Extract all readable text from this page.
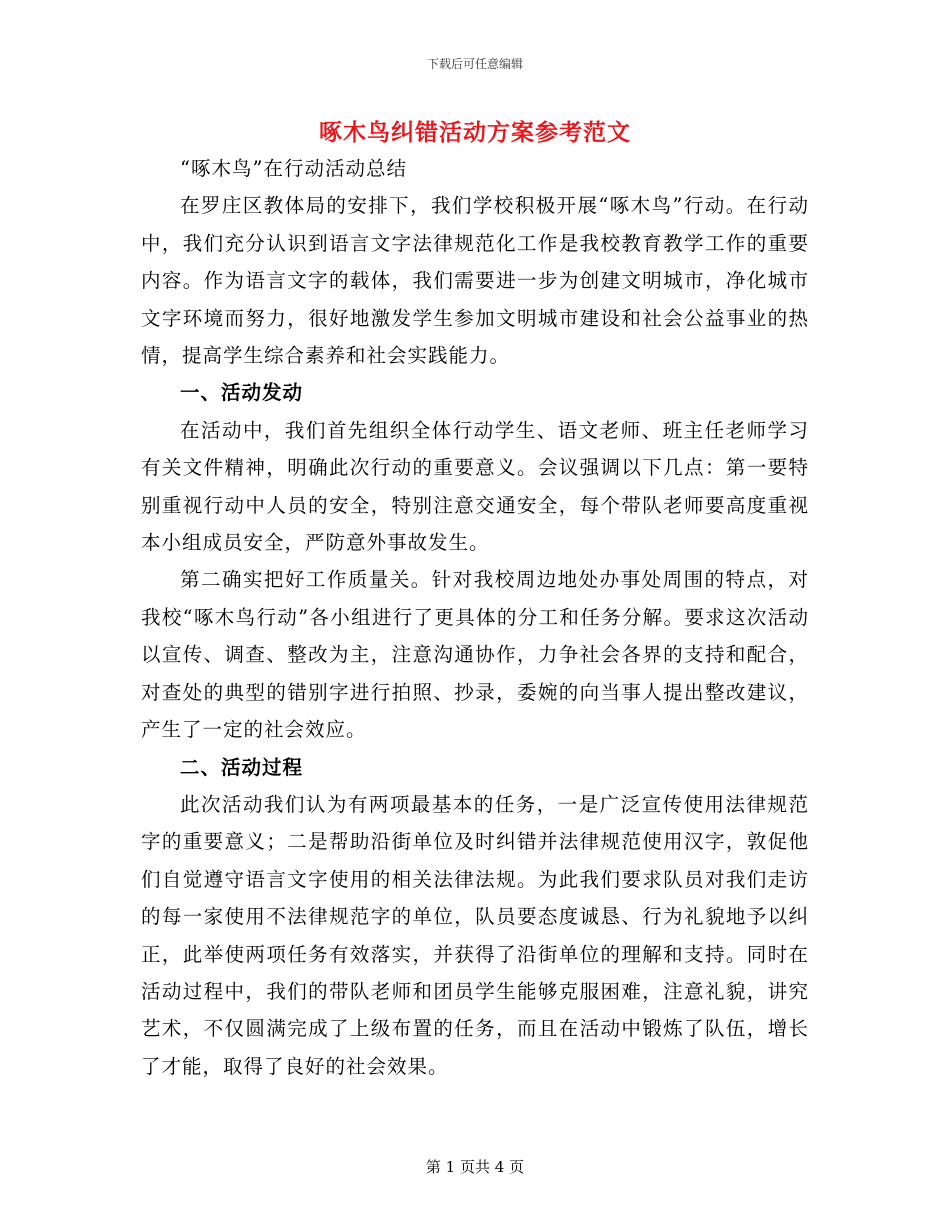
下载后可任意编辑
啄木鸟纠错活动方案参考范文

“啄木鸟”在行动活动总结

在罗庄区教体局的安排下，我们学校积极开展“啄木鸟”行动。在行动中，我们充分认识到语言文字法律规范化工作是我校教育教学工作的重要内容。作为语言文字的载体，我们需要进一步为创建文明城市，净化城市文字环境而努力，很好地激发学生参加文明城市建设和社会公益事业的热情，提高学生综合素养和社会实践能力。

一、活动发动

在活动中，我们首先组织全体行动学生、语文老师、班主任老师学习有关文件精神，明确此次行动的重要意义。会议强调以下几点：第一要特别重视行动中人员的安全，特别注意交通安全，每个带队老师要高度重视本小组成员安全，严防意外事故发生。

第二确实把好工作质量关。针对我校周边地处办事处周围的特点，对我校“啄木鸟行动”各小组进行了更具体的分工和任务分解。要求这次活动以宣传、调查、整改为主，注意沟通协作，力争社会各界的支持和配合，对查处的典型的错别字进行拍照、抄录，委婉的向当事人提出整改建议，产生了一定的社会效应。

二、活动过程

此次活动我们认为有两项最基本的任务，一是广泛宣传使用法律规范字的重要意义；二是帮助沿街单位及时纠错并法律规范使用汉字，敦促他们自觉遵守语言文字使用的相关法律法规。为此我们要求队员对我们走访的每一家使用不法律规范字的单位，队员要态度诚恳、行为礼貌地予以纠正，此举使两项任务有效落实，并获得了沿街单位的理解和支持。同时在活动过程中，我们的带队老师和团员学生能够克服困难，注意礼貌，讲究艺术，不仅圆满完成了上级布置的任务，而且在活动中锻炼了队伍，增长了才能，取得了良好的社会效果。

第 1 页共 4 页
